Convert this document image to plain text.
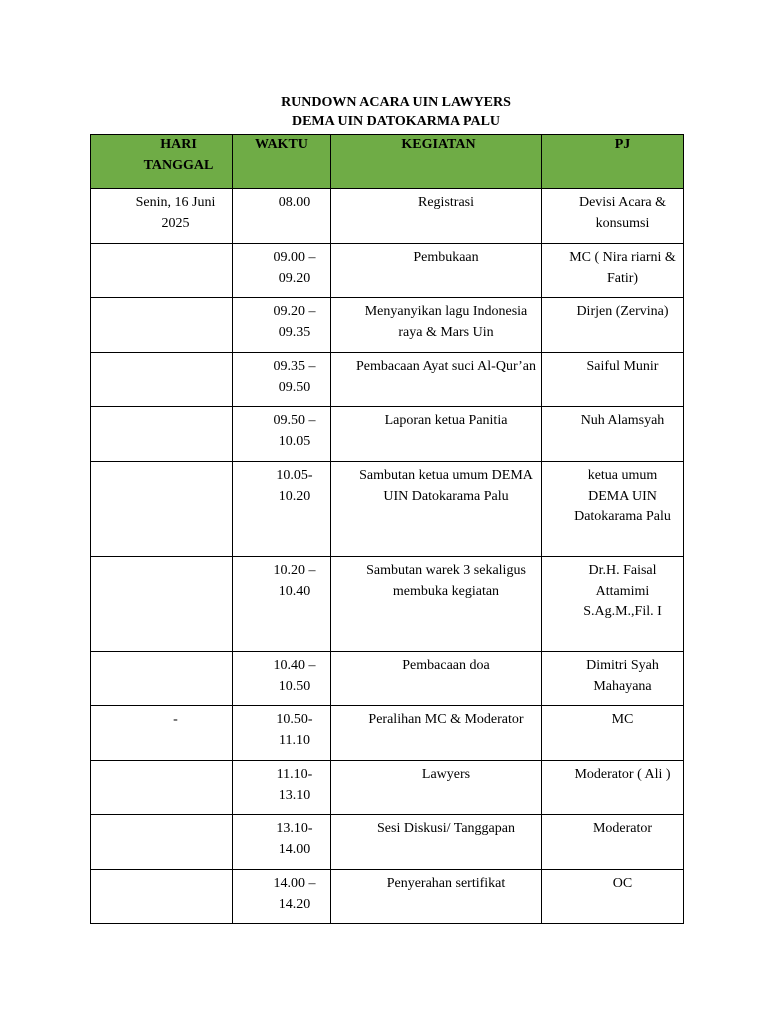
RUNDOWN ACARA UIN LAWYERS
DEMA UIN DATOKARMA PALU
HARI TANGGAL	WAKTU	KEGIATAN	PJ

Senin, 16 Juni 2025	08.00	Registrasi	Devisi Acara & konsumsi

	09.00 – 09.20	Pembukaan	MC ( Nira riarni & Fatir)

	09.20 – 09.35	Menyanyikan lagu Indonesia raya & Mars Uin	Dirjen (Zervina)

	09.35 – 09.50	Pembacaan Ayat suci Al-Qur’an	Saiful Munir

	09.50 – 10.05	Laporan ketua Panitia	Nuh Alamsyah

	10.05-10.20	Sambutan ketua umum DEMA UIN Datokarama Palu	ketua umum DEMA UIN Datokarama Palu

	10.20 – 10.40	Sambutan warek 3 sekaligus membuka kegiatan	Dr.H. Faisal Attamimi S.Ag.M.,Fil. I

	10.40 – 10.50	Pembacaan doa	Dimitri Syah Mahayana

-	10.50-11.10	Peralihan MC & Moderator	MC

	11.10-13.10	Lawyers	Moderator ( Ali )

	13.10-14.00	Sesi Diskusi/ Tanggapan	Moderator

	14.00 – 14.20	Penyerahan sertifikat	OC
